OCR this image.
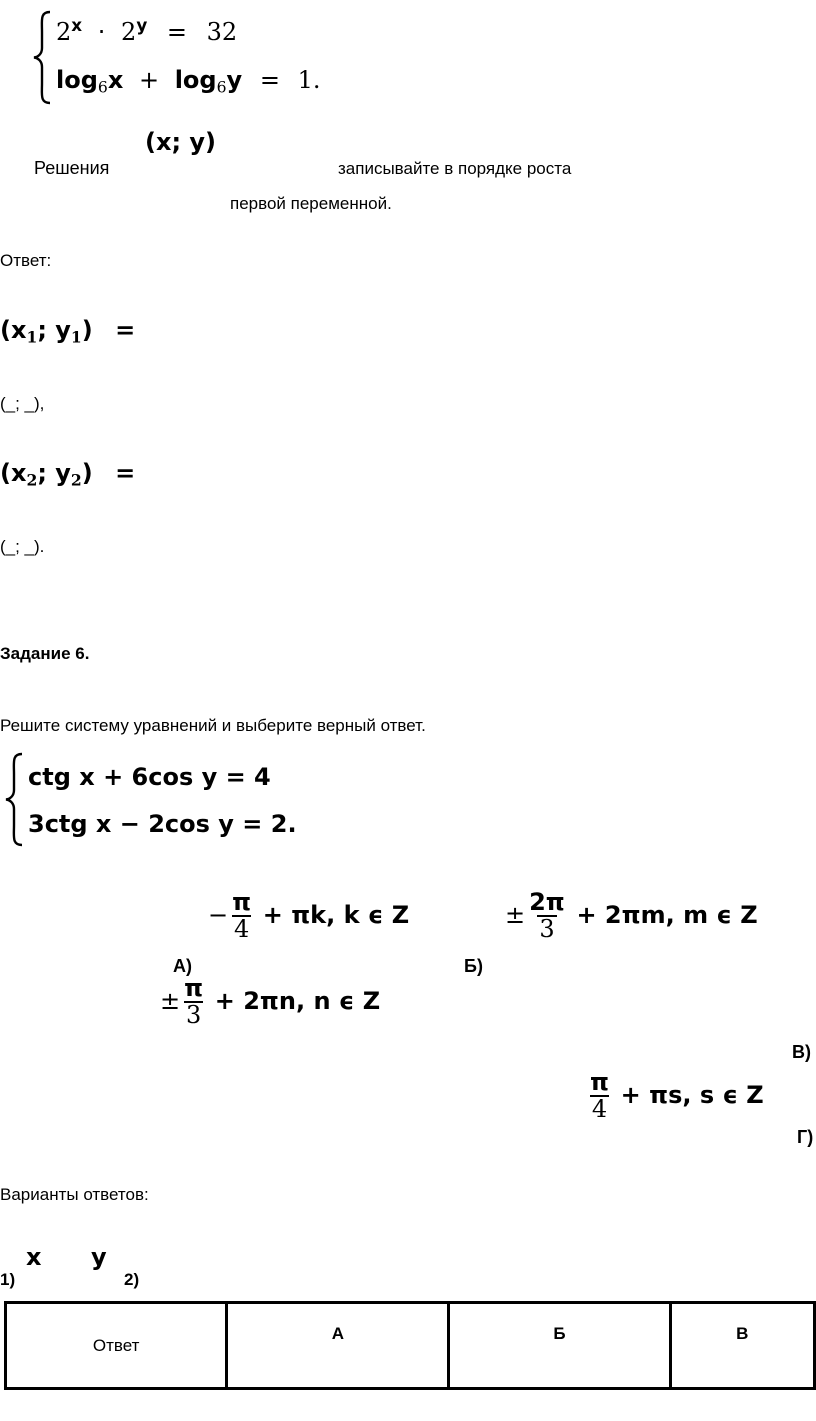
$2^x \cdot 2^y = 32$
$\log_6x + \log_6y = 1$.
Решения
(x; y)
записывайте в порядке роста
первой переменной.
Ответ:
($x_1$; $y_1$) =
(_; _),
($x_2$; $y_2$) =
(_; _).
Задание 6.
Решите систему уравнений и выберите верный ответ.
ctg x + 6cos y = 4
3ctg x − 2cos y = 2.
− $\frac{\pi}{4} + \pi k$, k ϵ Z
А)
± $\frac{2\pi}{3} + 2\pi m$, m ϵ Z
Б)
± $\frac{\pi}{3} + 2\pi n$, n ϵ Z
В)
$\frac{\pi}{4} + \pi s$, s ϵ Z
Г)
Варианты ответов:
1)
x y
2)
Ответ	А	Б	В
